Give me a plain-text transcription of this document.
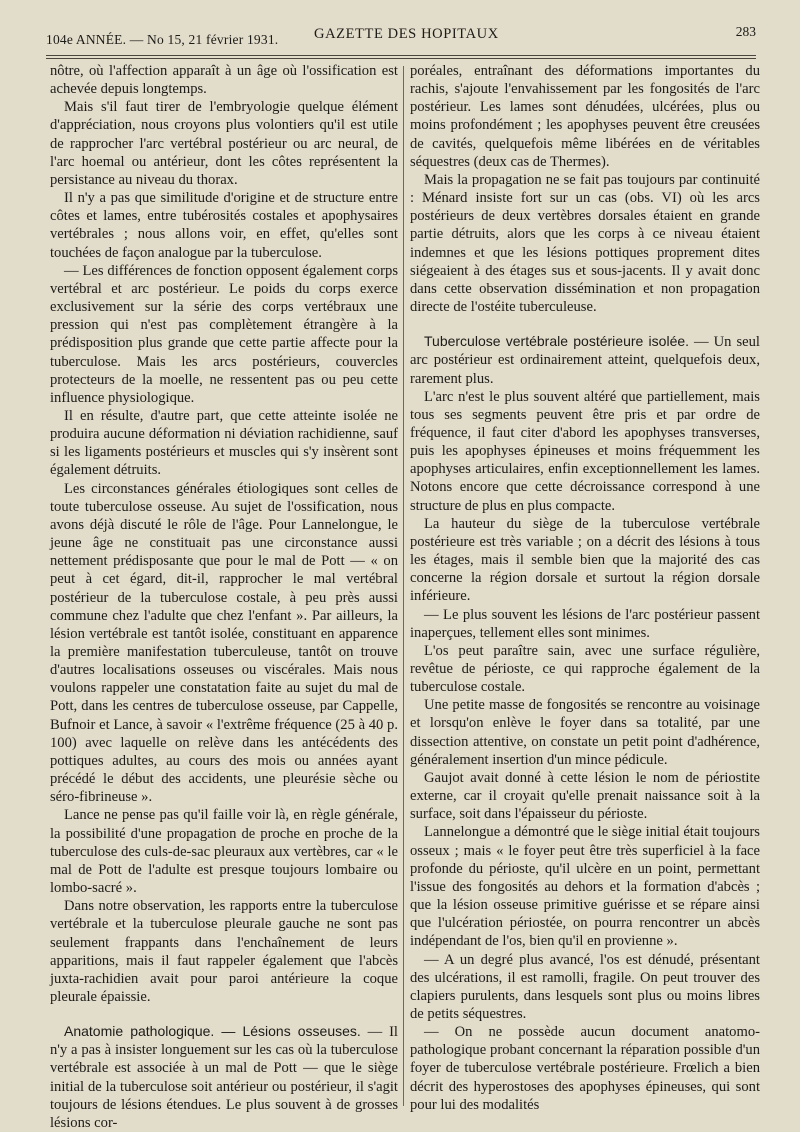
104e ANNÉE. — No 15, 21 février 1931. GAZETTE DES HOPITAUX	283

nôtre, où l'affection apparaît à un âge où l'ossification est achevée depuis longtemps.

Mais s'il faut tirer de l'embryologie quelque élément d'appréciation, nous croyons plus volontiers qu'il est utile de rapprocher l'arc vertébral postérieur ou arc neural, de l'arc hoemal ou antérieur, dont les côtes représentent la persistance au niveau du thorax.

Il n'y a pas que similitude d'origine et de structure entre côtes et lames, entre tubérosités costales et apophysaires vertébrales ; nous allons voir, en effet, qu'elles sont touchées de façon analogue par la tuberculose.

— Les différences de fonction opposent également corps vertébral et arc postérieur. Le poids du corps exerce exclusivement sur la série des corps vertébraux une pression qui n'est pas complètement étrangère à la prédisposition plus grande que cette partie affecte pour la tuberculose. Mais les arcs postérieurs, couvercles protecteurs de la moelle, ne ressentent pas ou peu cette influence physiologique.

Il en résulte, d'autre part, que cette atteinte isolée ne produira aucune déformation ni déviation rachidienne, sauf si les ligaments postérieurs et muscles qui s'y insèrent sont également détruits.

Les circonstances générales étiologiques sont celles de toute tuberculose osseuse. Au sujet de l'ossification, nous avons déjà discuté le rôle de l'âge. Pour Lannelongue, le jeune âge ne constituait pas une circonstance aussi nettement prédisposante que pour le mal de Pott — « on peut à cet égard, dit-il, rapprocher le mal vertébral postérieur de la tuberculose costale, à peu près aussi commune chez l'adulte que chez l'enfant ». Par ailleurs, la lésion vertébrale est tantôt isolée, constituant en apparence la première manifestation tuberculeuse, tantôt on trouve d'autres localisations osseuses ou viscérales. Mais nous voulons rappeler une constatation faite au sujet du mal de Pott, dans les centres de tuberculose osseuse, par Cappelle, Bufnoir et Lance, à savoir « l'extrême fréquence (25 à 40 p. 100) avec laquelle on relève dans les antécédents des pottiques adultes, au cours des mois ou années ayant précédé le début des accidents, une pleurésie sèche ou séro-fibrineuse ».

Lance ne pense pas qu'il faille voir là, en règle générale, la possibilité d'une propagation de proche en proche de la tuberculose des culs-de-sac pleuraux aux vertèbres, car « le mal de Pott de l'adulte est presque toujours lombaire ou lombo-sacré ».

Dans notre observation, les rapports entre la tuberculose vertébrale et la tuberculose pleurale gauche ne sont pas seulement frappants dans l'enchaînement de leurs apparitions, mais il faut rappeler également que l'abcès juxta-rachidien avait pour paroi antérieure la coque pleurale épaissie.

Anatomie pathologique. — Lésions osseuses. — Il n'y a pas à insister longuement sur les cas où la tuberculose vertébrale est associée à un mal de Pott — que le siège initial de la tuberculose soit antérieur ou postérieur, il s'agit toujours de lésions étendues. Le plus souvent à de grosses lésions cor-

poréales, entraînant des déformations importantes du rachis, s'ajoute l'envahissement par les fongosités de l'arc postérieur. Les lames sont dénudées, ulcérées, plus ou moins profondément ; les apophyses peuvent être creusées de cavités, quelquefois même libérées en de véritables séquestres (deux cas de Thermes).

Mais la propagation ne se fait pas toujours par continuité : Ménard insiste fort sur un cas (obs. VI) où les arcs postérieurs de deux vertèbres dorsales étaient en grande partie détruits, alors que les corps à ce niveau étaient indemnes et que les lésions pottiques proprement dites siégeaient à des étages sus et sous-jacents. Il y avait donc dans cette observation dissémination et non propagation directe de l'ostéite tuberculeuse.

Tuberculose vertébrale postérieure isolée. — Un seul arc postérieur est ordinairement atteint, quelquefois deux, rarement plus.

L'arc n'est le plus souvent altéré que partiellement, mais tous ses segments peuvent être pris et par ordre de fréquence, il faut citer d'abord les apophyses transverses, puis les apophyses épineuses et moins fréquemment les apophyses articulaires, enfin exceptionnellement les lames. Notons encore que cette décroissance correspond à une structure de plus en plus compacte.

La hauteur du siège de la tuberculose vertébrale postérieure est très variable ; on a décrit des lésions à tous les étages, mais il semble bien que la majorité des cas concerne la région dorsale et surtout la région dorsale inférieure.

— Le plus souvent les lésions de l'arc postérieur passent inaperçues, tellement elles sont minimes.

L'os peut paraître sain, avec une surface régulière, revêtue de périoste, ce qui rapproche également de la tuberculose costale.

Une petite masse de fongosités se rencontre au voisinage et lorsqu'on enlève le foyer dans sa totalité, par une dissection attentive, on constate un petit point d'adhérence, généralement insertion d'un mince pédicule.

Gaujot avait donné à cette lésion le nom de périostite externe, car il croyait qu'elle prenait naissance soit à la surface, soit dans l'épaisseur du périoste.

Lannelongue a démontré que le siège initial était toujours osseux ; mais « le foyer peut être très superficiel à la face profonde du périoste, qu'il ulcère en un point, permettant l'issue des fongosités au dehors et la formation d'abcès ; que la lésion osseuse primitive guérisse et se répare ainsi que l'ulcération périostée, on pourra rencontrer un abcès indépendant de l'os, bien qu'il en provienne ».

— A un degré plus avancé, l'os est dénudé, présentant des ulcérations, il est ramolli, fragile. On peut trouver des clapiers purulents, dans lesquels sont plus ou moins libres de petits séquestres.

— On ne possède aucun document anatomo-pathologique probant concernant la réparation possible d'un foyer de tuberculose vertébrale postérieure. Frœlich a bien décrit des hyperostoses des apophyses épineuses, qui sont pour lui des modalités
